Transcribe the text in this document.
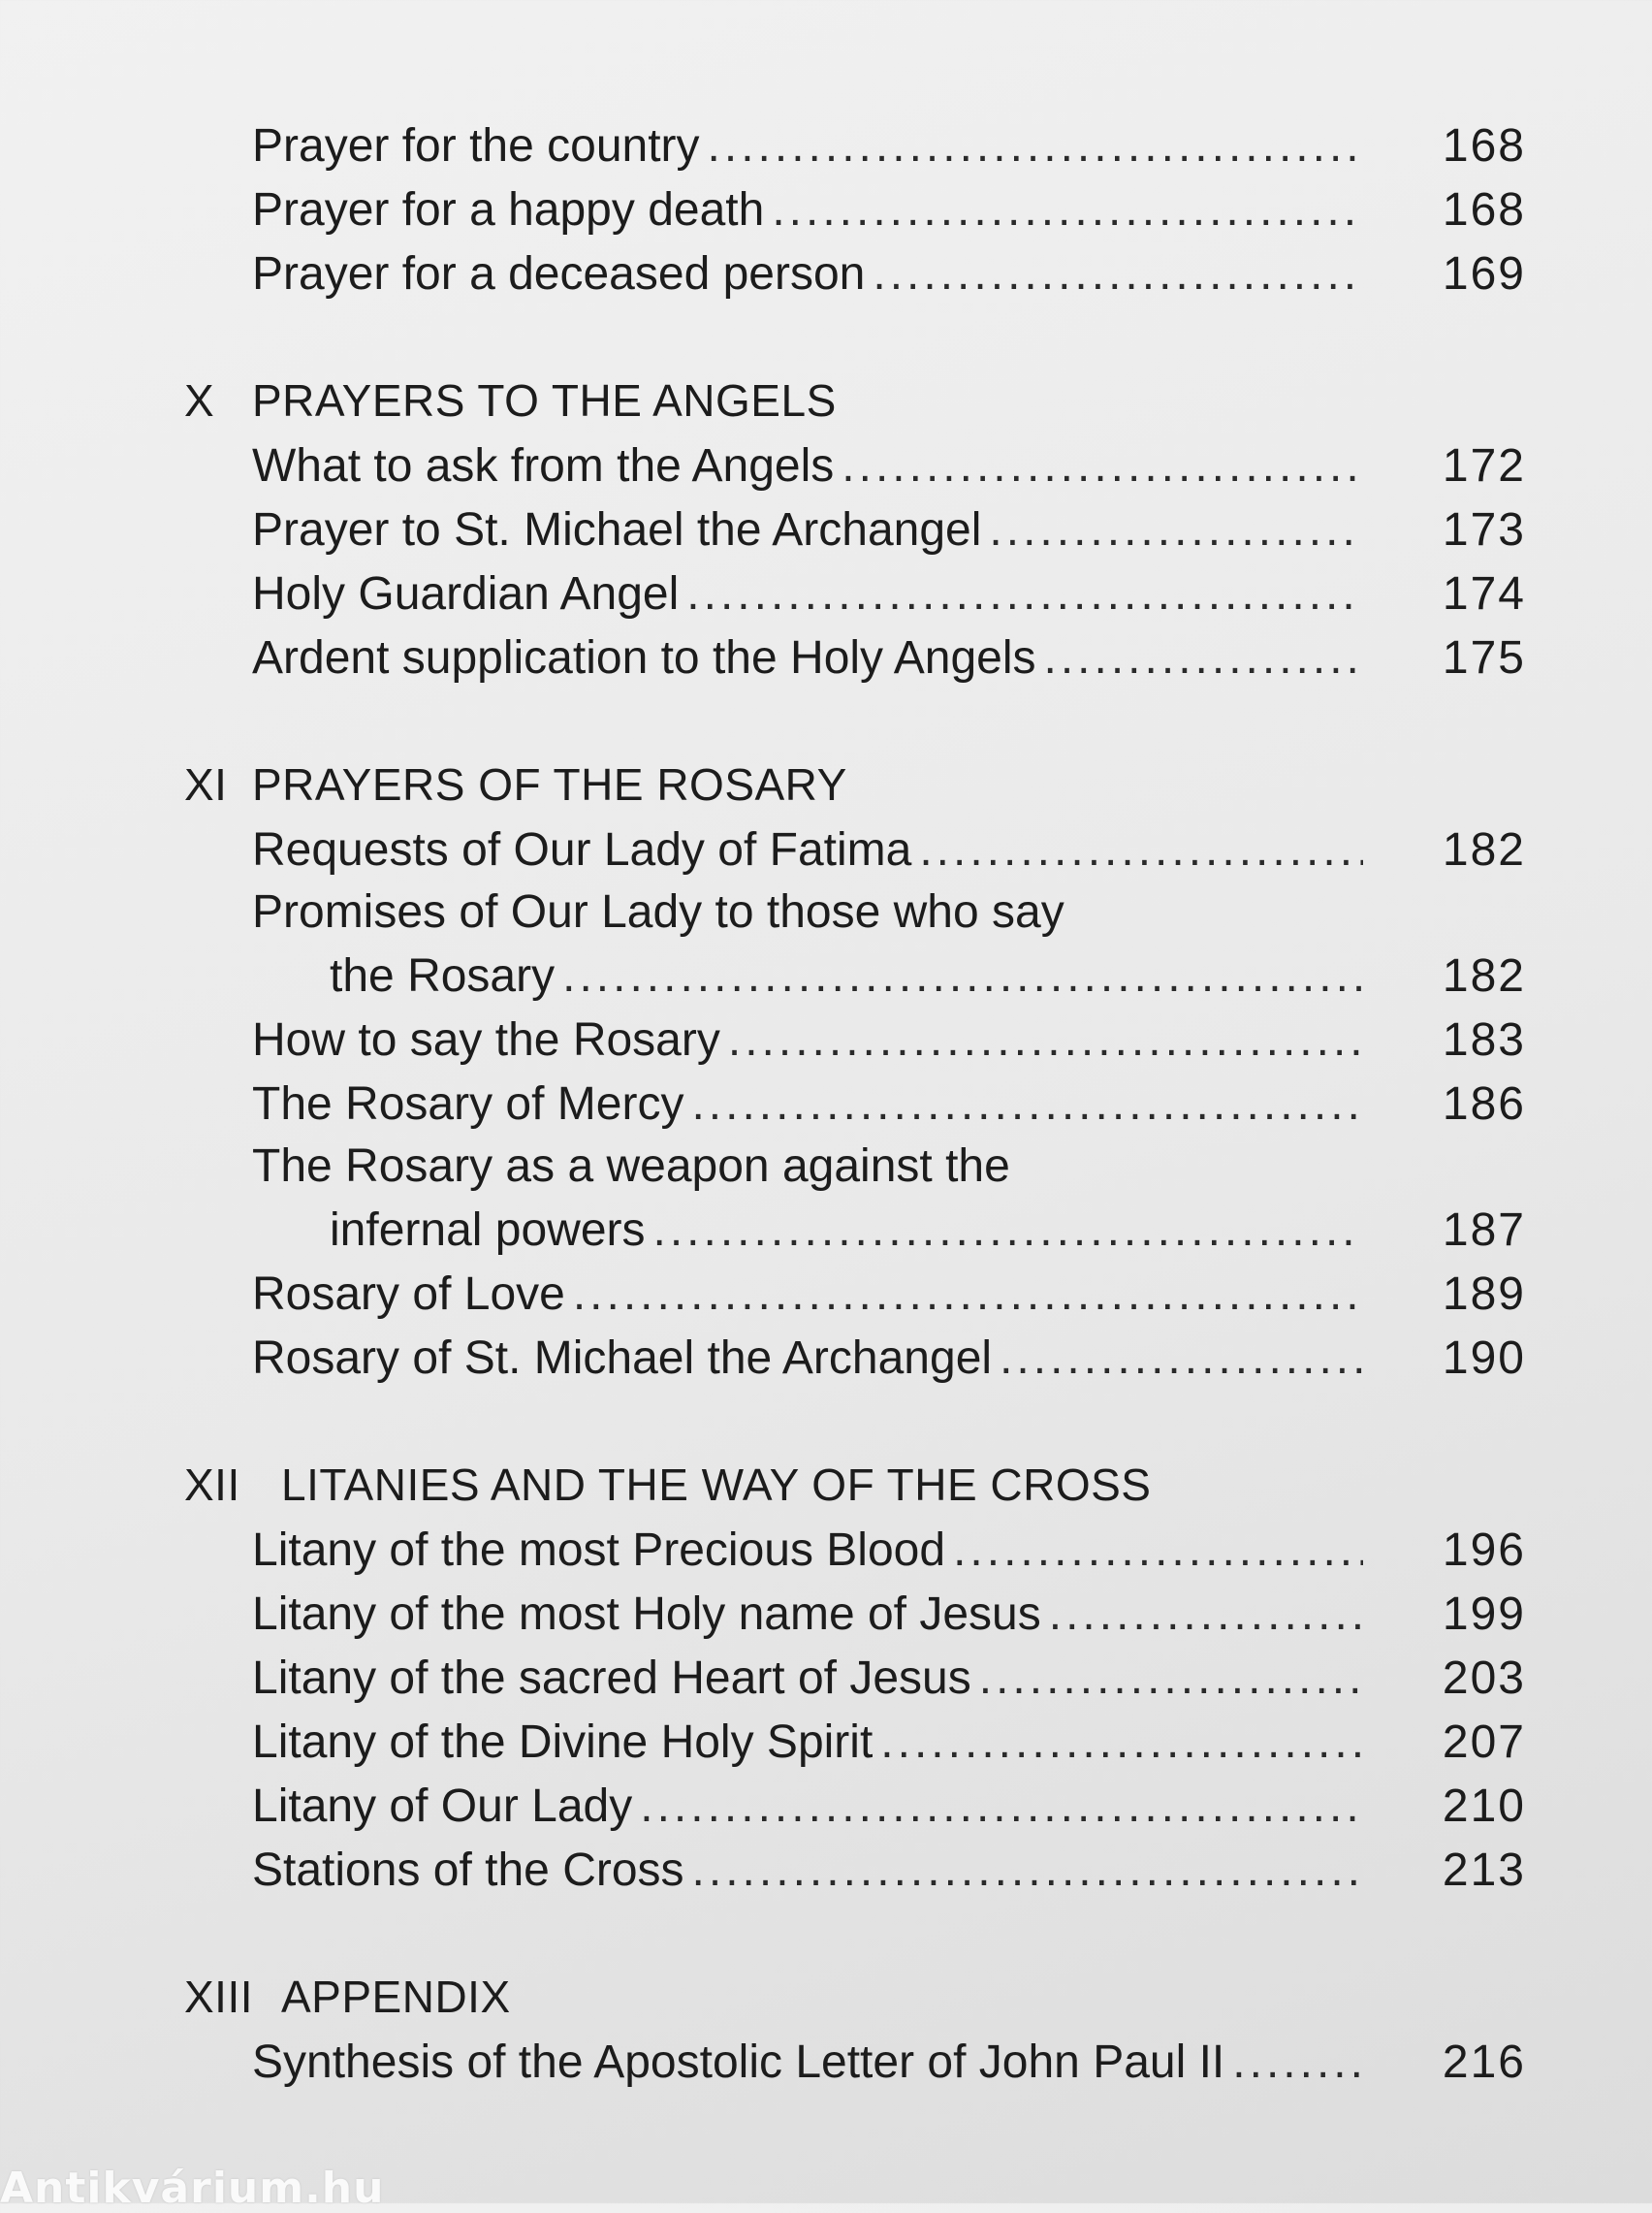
Prayer for the country .....	168
Prayer for a happy death .....	168
Prayer for a deceased person .....	169
X PRAYERS TO THE ANGELS
What to ask from the Angels .....	172
Prayer to St. Michael the Archangel .....	173
Holy Guardian Angel .....	174
Ardent supplication to the Holy Angels .....	175
XI PRAYERS OF THE ROSARY
Requests of Our Lady of Fatima .....	182
Promises of Our Lady to those who say
the Rosary .....	182
How to say the Rosary .....	183
The Rosary of Mercy .....	186
The Rosary as a weapon against the
infernal powers .....	187
Rosary of Love .....	189
Rosary of St. Michael the Archangel .....	190
XII LITANIES AND THE WAY OF THE CROSS
Litany of the most Precious Blood .....	196
Litany of the most Holy name of Jesus .....	199
Litany of the sacred Heart of Jesus .....	203
Litany of the Divine Holy Spirit .....	207
Litany of Our Lady .....	210
Stations of the Cross .....	213
XIII APPENDIX
Synthesis of the Apostolic Letter of John Paul II .....	216
Antikvárium.hu
